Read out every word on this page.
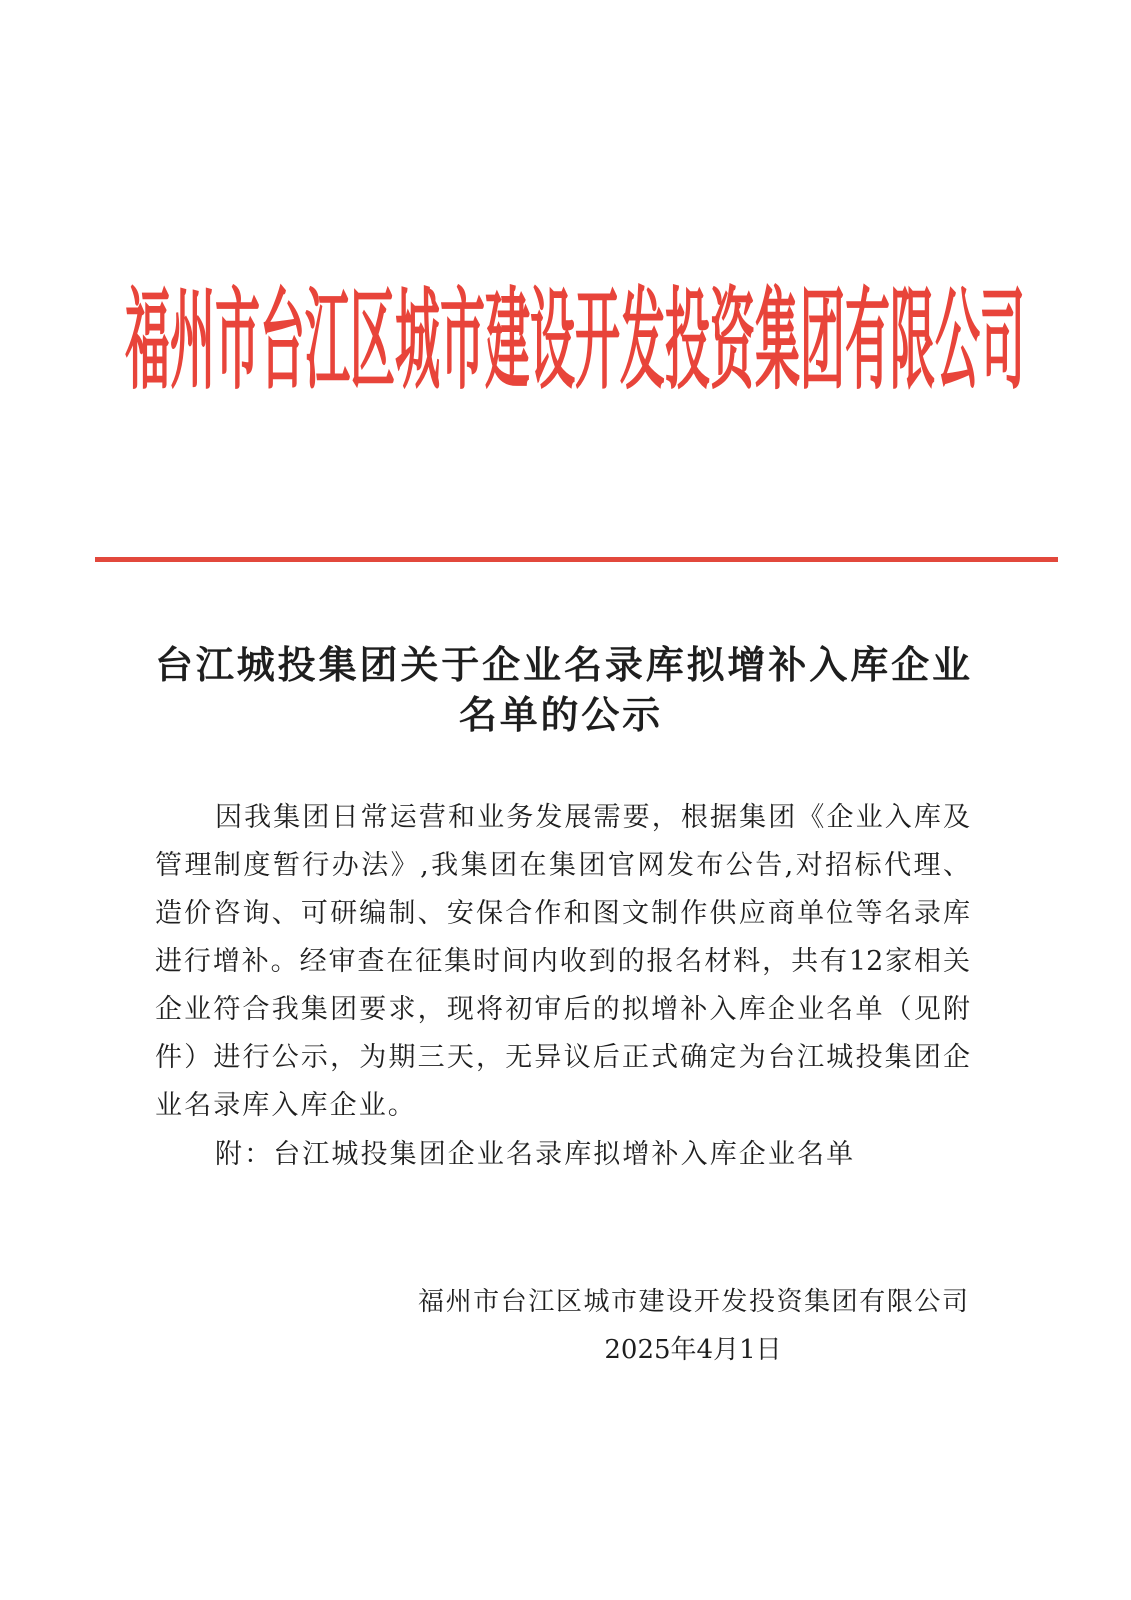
福州市台江区城市建设开发投资集团有限公司
台江城投集团关于企业名录库拟增补入库企业
名单的公示
因我集团日常运营和业务发展需要，根据集团《企业入库及
管理制度暂行办法》,我集团在集团官网发布公告,对招标代理、
造价咨询、可研编制、安保合作和图文制作供应商单位等名录库
进行增补。经审查在征集时间内收到的报名材料，共有12家相关
企业符合我集团要求，现将初审后的拟增补入库企业名单（见附
件）进行公示，为期三天，无异议后正式确定为台江城投集团企
业名录库入库企业。
附：台江城投集团企业名录库拟增补入库企业名单
福州市台江区城市建设开发投资集团有限公司
2025年4月1日
